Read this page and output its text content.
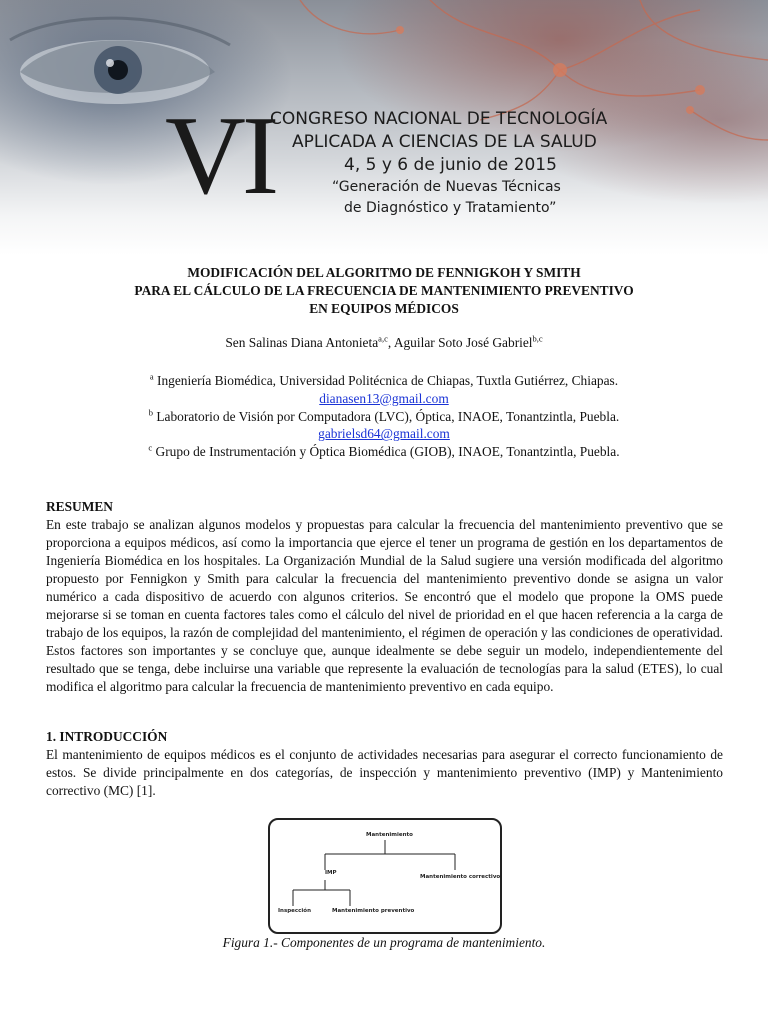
VI
CONGRESO NACIONAL DE TECNOLOGÍA
APLICADA A CIENCIAS DE LA SALUD
4, 5 y 6 de junio de 2015
“Generación de Nuevas Técnicas
de Diagnóstico y Tratamiento”
MODIFICACIÓN DEL ALGORITMO DE FENNIGKOH Y SMITH
PARA EL CÁLCULO DE LA FRECUENCIA DE MANTENIMIENTO PREVENTIVO
EN EQUIPOS MÉDICOS
Sen Salinas Diana Antonieta$^{a,c}$, Aguilar Soto José Gabriel$^{b,c}$
$^a$ Ingeniería Biomédica, Universidad Politécnica de Chiapas, Tuxtla Gutiérrez, Chiapas.
dianasen13@gmail.com
$^b$ Laboratorio de Visión por Computadora (LVC), Óptica, INAOE, Tonantzintla, Puebla.
gabrielsd64@gmail.com
$^c$ Grupo de Instrumentación y Óptica Biomédica (GIOB), INAOE, Tonantzintla, Puebla.
RESUMEN
En este trabajo se analizan algunos modelos y propuestas para calcular la frecuencia del mantenimiento preventivo que se proporciona a equipos médicos, así como la importancia que ejerce el tener un programa de gestión en los departamentos de Ingeniería Biomédica en los hospitales. La Organización Mundial de la Salud sugiere una versión modificada del algoritmo propuesto por Fennigkon y Smith para calcular la frecuencia del mantenimiento preventivo donde se asigna un valor numérico a cada dispositivo de acuerdo con algunos criterios. Se encontró que el modelo que propone la OMS puede mejorarse si se toman en cuenta factores tales como el cálculo del nivel de prioridad en el que hacen referencia a la carga de trabajo de los equipos, la razón de complejidad del mantenimiento, el régimen de operación y las condiciones de operatividad. Estos factores son importantes y se concluye que, aunque idealmente se debe seguir un modelo, independientemente del resultado que se tenga, debe incluirse una variable que represente la evaluación de tecnologías para la salud (ETES), lo cual modifica el algoritmo para calcular la frecuencia de mantenimiento preventivo en cada equipo.
1. INTRODUCCIÓN
El mantenimiento de equipos médicos es el conjunto de actividades necesarias para asegurar el correcto funcionamiento de estos. Se divide principalmente en dos categorías, de inspección y mantenimiento preventivo (IMP) y Mantenimiento correctivo (MC) [1].
Mantenimiento
IMP
Mantenimiento correctivo
Inspección	Mantenimiento preventivo
Figura 1.- Componentes de un programa de mantenimiento.
